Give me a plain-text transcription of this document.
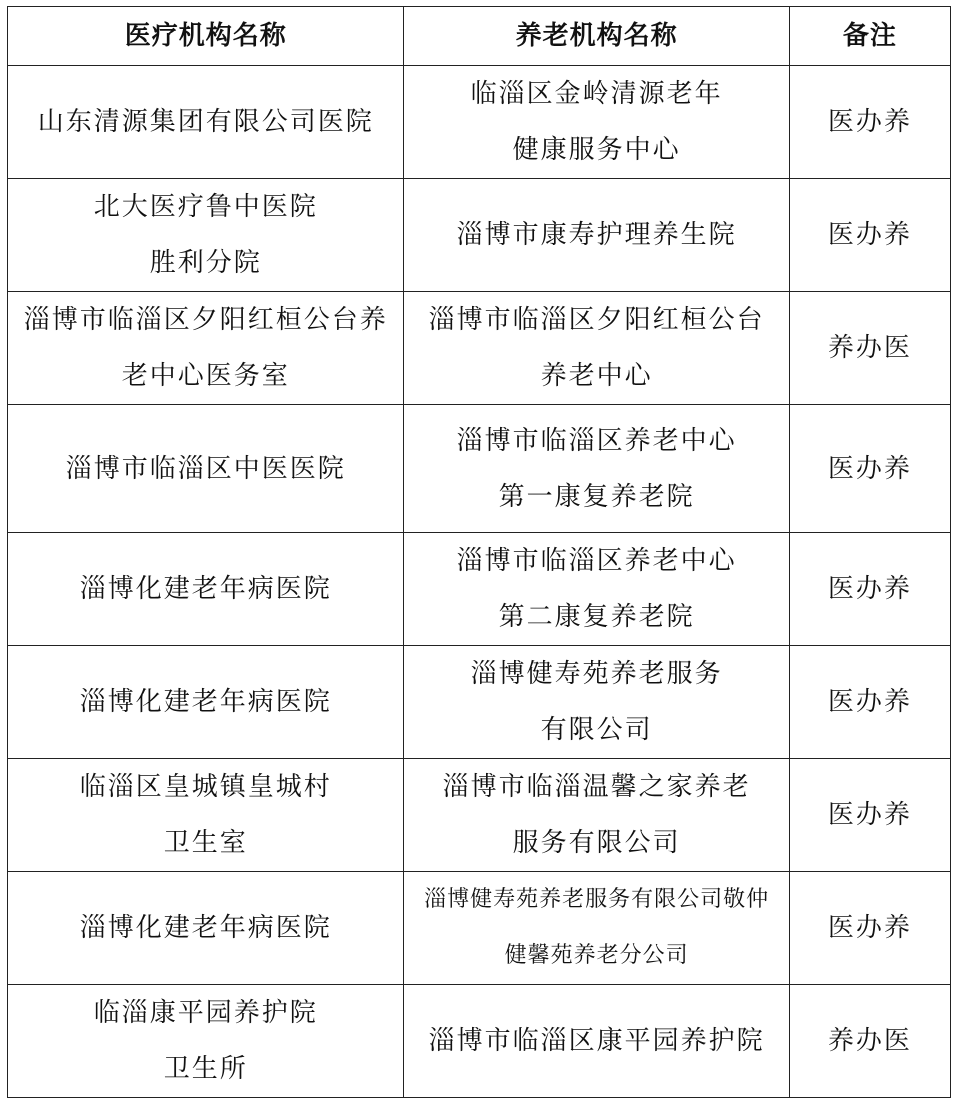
医疗机构名称	养老机构名称	备注

山东清源集团有限公司医院	临淄区金岭清源老年
健康服务中心	医办养

北大医疗鲁中医院
胜利分院	淄博市康寿护理养生院	医办养

淄博市临淄区夕阳红桓公台养
老中心医务室	淄博市临淄区夕阳红桓公台
养老中心	养办医

淄博市临淄区中医医院	淄博市临淄区养老中心
第一康复养老院	医办养

淄博化建老年病医院	淄博市临淄区养老中心
第二康复养老院	医办养

淄博化建老年病医院	淄博健寿苑养老服务
有限公司	医办养

临淄区皇城镇皇城村
卫生室	淄博市临淄温馨之家养老
服务有限公司	医办养

淄博化建老年病医院	淄博健寿苑养老服务有限公司敬仲
健馨苑养老分公司	医办养

临淄康平园养护院
卫生所	淄博市临淄区康平园养护院	养办医
